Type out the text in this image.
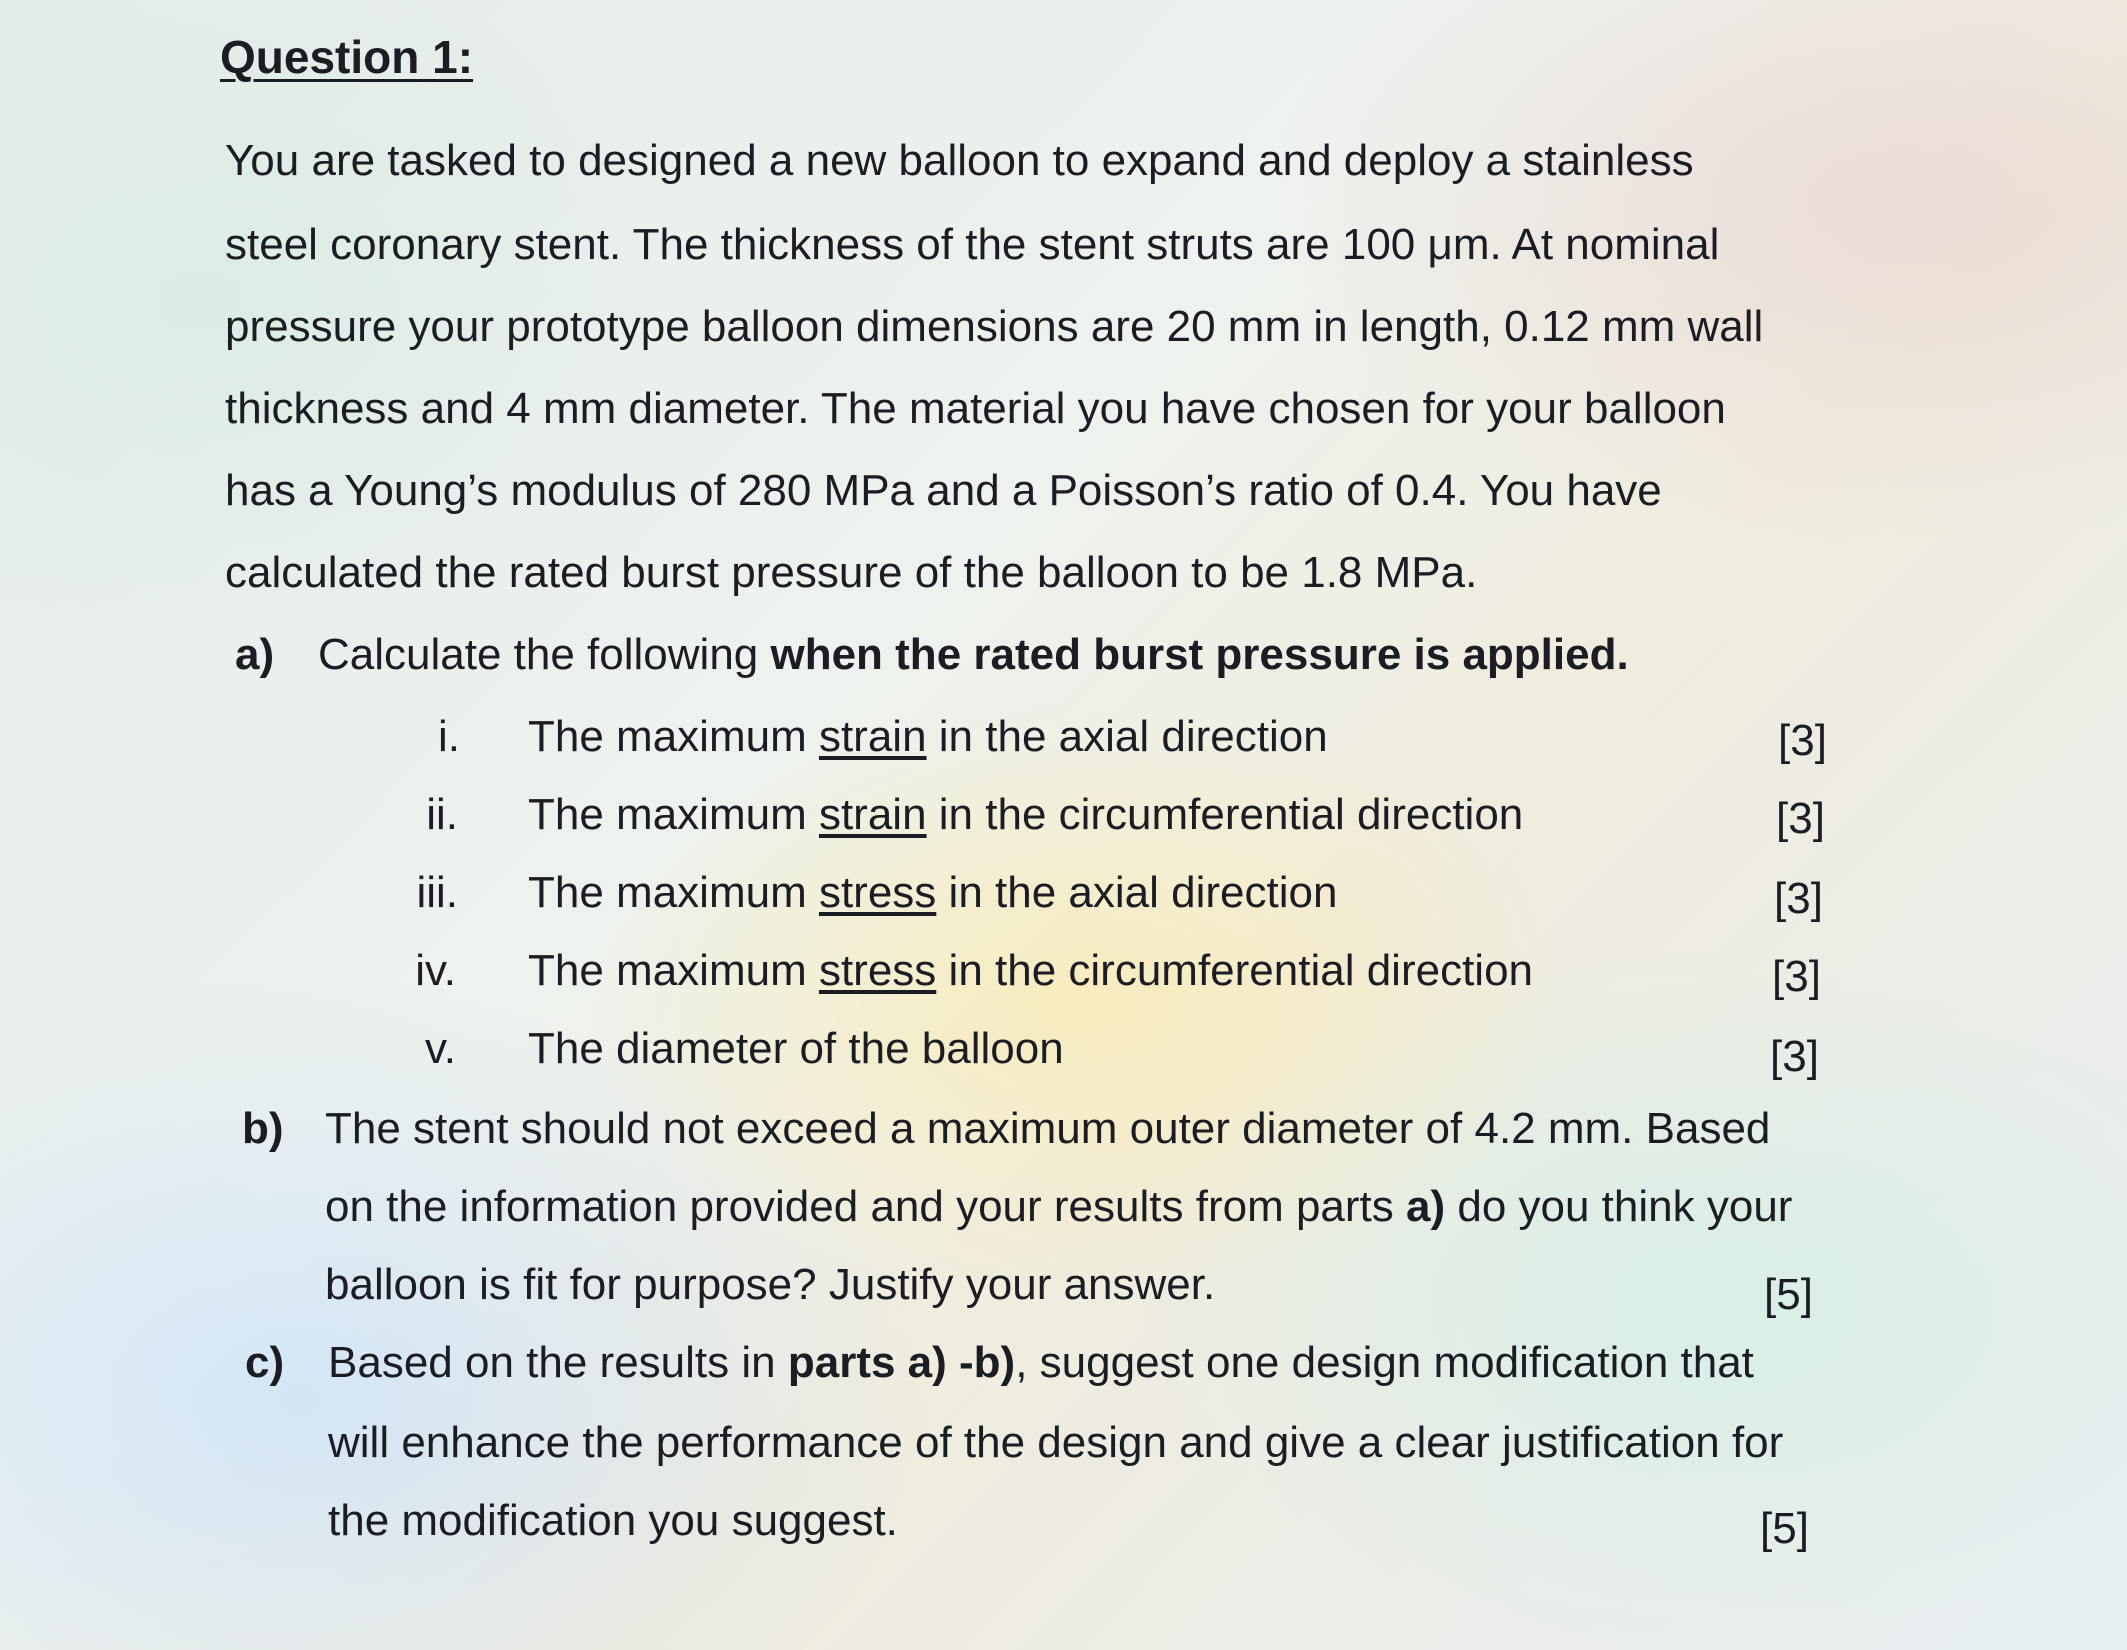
Question 1:
You are tasked to designed a new balloon to expand and deploy a stainless
steel coronary stent. The thickness of the stent struts are 100 μm. At nominal
pressure your prototype balloon dimensions are 20 mm in length, 0.12 mm wall
thickness and 4 mm diameter. The material you have chosen for your balloon
has a Young’s modulus of 280 MPa and a Poisson’s ratio of 0.4. You have
calculated the rated burst pressure of the balloon to be 1.8 MPa.
a) Calculate the following when the rated burst pressure is applied.
i. The maximum strain in the axial direction	[3]
ii. The maximum strain in the circumferential direction	[3]
iii. The maximum stress in the axial direction	[3]
iv. The maximum stress in the circumferential direction	[3]
v. The diameter of the balloon	[3]
b) The stent should not exceed a maximum outer diameter of 4.2 mm. Based
on the information provided and your results from parts a) do you think your
balloon is fit for purpose? Justify your answer.	[5]
c) Based on the results in parts a) -b), suggest one design modification that
will enhance the performance of the design and give a clear justification for
the modification you suggest.	[5]
